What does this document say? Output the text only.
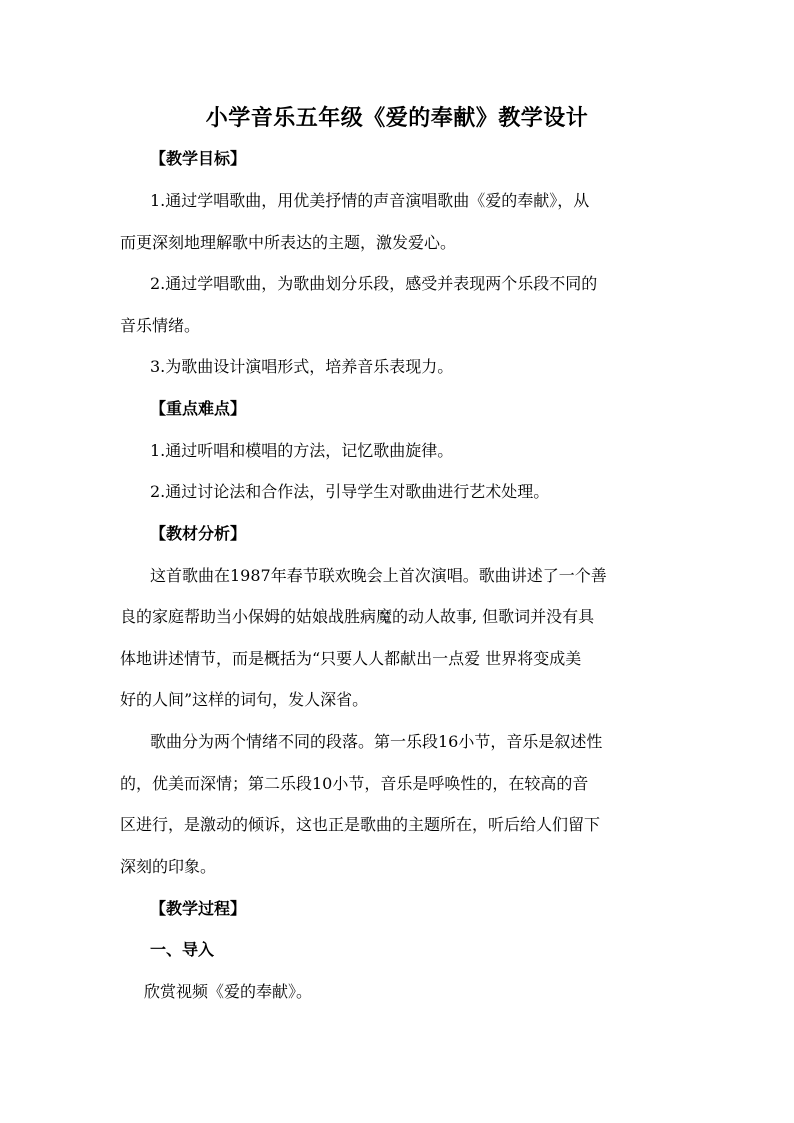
小学音乐五年级《爱的奉献》教学设计
【教学目标】
1.通过学唱歌曲，用优美抒情的声音演唱歌曲《爱的奉献》，从
而更深刻地理解歌中所表达的主题，激发爱心。
2.通过学唱歌曲，为歌曲划分乐段，感受并表现两个乐段不同的
音乐情绪。
3.为歌曲设计演唱形式，培养音乐表现力。
【重点难点】
1.通过听唱和模唱的方法，记忆歌曲旋律。
2.通过讨论法和合作法，引导学生对歌曲进行艺术处理。
【教材分析】
这首歌曲在1987年春节联欢晚会上首次演唱。歌曲讲述了一个善
良的家庭帮助当小保姆的姑娘战胜病魔的动人故事, 但歌词并没有具
体地讲述情节，而是概括为“只要人人都献出一点爱 世界将变成美
好的人间”这样的词句，发人深省。
歌曲分为两个情绪不同的段落。第一乐段16小节，音乐是叙述性
的，优美而深情；第二乐段10小节，音乐是呼唤性的，在较高的音
区进行，是激动的倾诉，这也正是歌曲的主题所在，听后给人们留下
深刻的印象。
【教学过程】
一、导入
欣赏视频《爱的奉献》。
